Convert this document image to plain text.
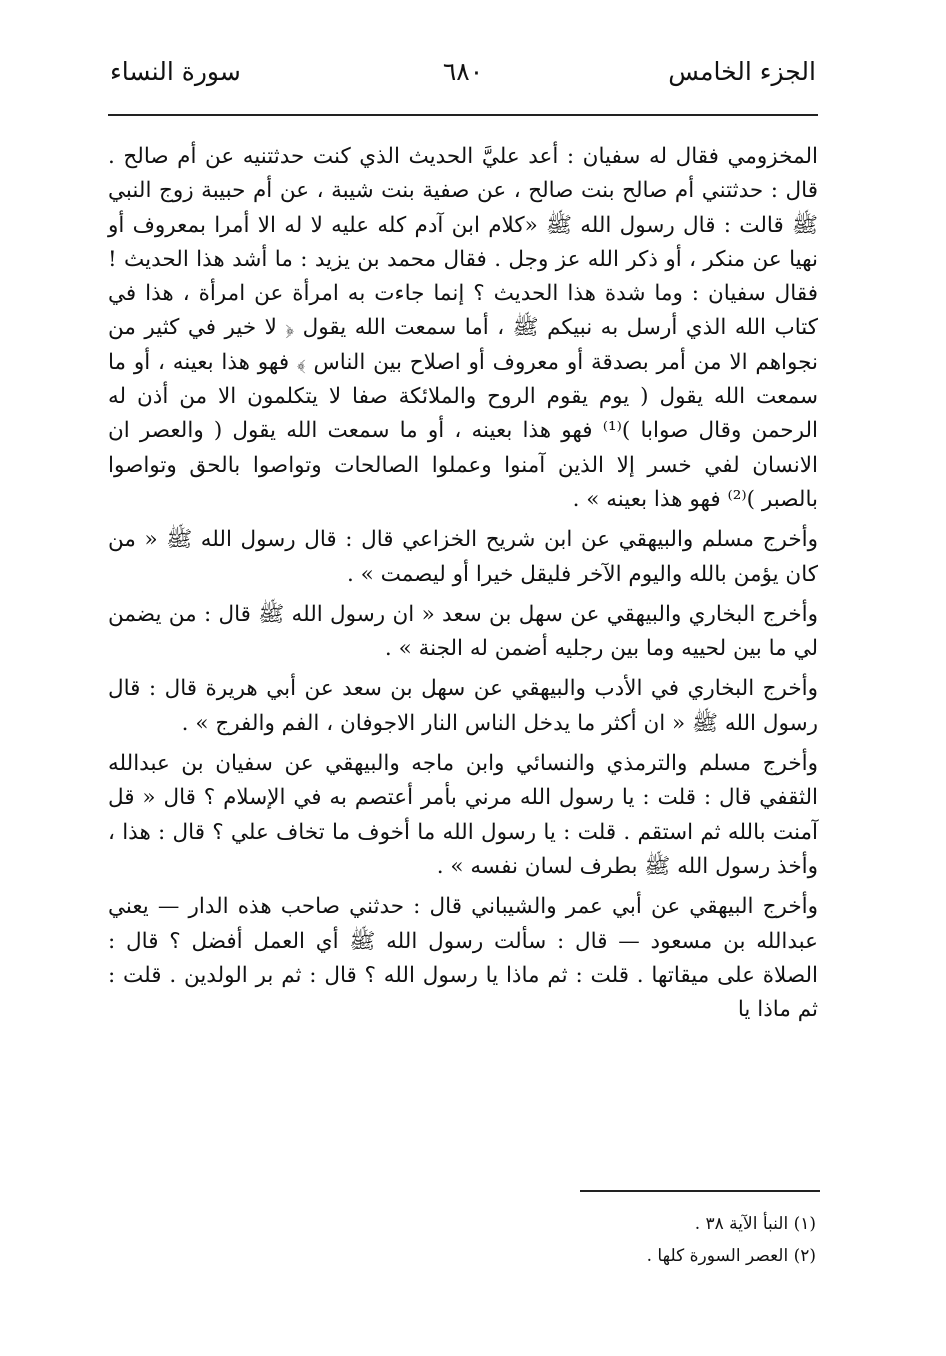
الجزء الخامس
٦٨٠
سورة النساء

المخزومي فقال له سفيان : أعد عليَّ الحديث الذي كنت حدثتنيه عن أم صالح . قال : حدثتني أم صالح بنت صالح ، عن صفية بنت شيبة ، عن أم حبيبة زوج النبي ﷺ قالت : قال رسول الله ﷺ «كلام ابن آدم كله عليه لا له الا أمرا بمعروف أو نهيا عن منكر ، أو ذكر الله عز وجل . فقال محمد بن يزيد : ما أشد هذا الحديث ! فقال سفيان : وما شدة هذا الحديث ؟ إنما جاءت به امرأة عن امرأة ، هذا في كتاب الله الذي أرسل به نبيكم ﷺ ، أما سمعت الله يقول ﴿ لا خير في كثير من نجواهم الا من أمر بصدقة أو معروف أو اصلاح بين الناس ﴾ فهو هذا بعينه ، أو ما سمعت الله يقول ( يوم يقوم الروح والملائكة صفا لا يتكلمون الا من أذن له الرحمن وقال صوابا )⁽¹⁾ فهو هذا بعينه ، أو ما سمعت الله يقول ( والعصر ان الانسان لفي خسر إلا الذين آمنوا وعملوا الصالحات وتواصوا بالحق وتواصوا بالصبر )⁽²⁾ فهو هذا بعينه » .

وأخرج مسلم والبيهقي عن ابن شريح الخزاعي قال : قال رسول الله ﷺ « من كان يؤمن بالله واليوم الآخر فليقل خيرا أو ليصمت » .

وأخرج البخاري والبيهقي عن سهل بن سعد « ان رسول الله ﷺ قال : من يضمن لي ما بين لحييه وما بين رجليه أضمن له الجنة » .

وأخرج البخاري في الأدب والبيهقي عن سهل بن سعد عن أبي هريرة قال : قال رسول الله ﷺ « ان أكثر ما يدخل الناس النار الاجوفان ، الفم والفرج » .

وأخرج مسلم والترمذي والنسائي وابن ماجه والبيهقي عن سفيان بن عبدالله الثقفي قال : قلت : يا رسول الله مرني بأمر أعتصم به في الإسلام ؟ قال « قل آمنت بالله ثم استقم . قلت : يا رسول الله ما أخوف ما تخاف علي ؟ قال : هذا ، وأخذ رسول الله ﷺ بطرف لسان نفسه » .

وأخرج البيهقي عن أبي عمر والشيباني قال : حدثني صاحب هذه الدار — يعني عبدالله بن مسعود — قال : سألت رسول الله ﷺ أي العمل أفضل ؟ قال : الصلاة على ميقاتها . قلت : ثم ماذا يا رسول الله ؟ قال : ثم بر الولدين . قلت : ثم ماذا يا

(١) النبأ الآية ٣٨ .

(٢) العصر السورة كلها .
